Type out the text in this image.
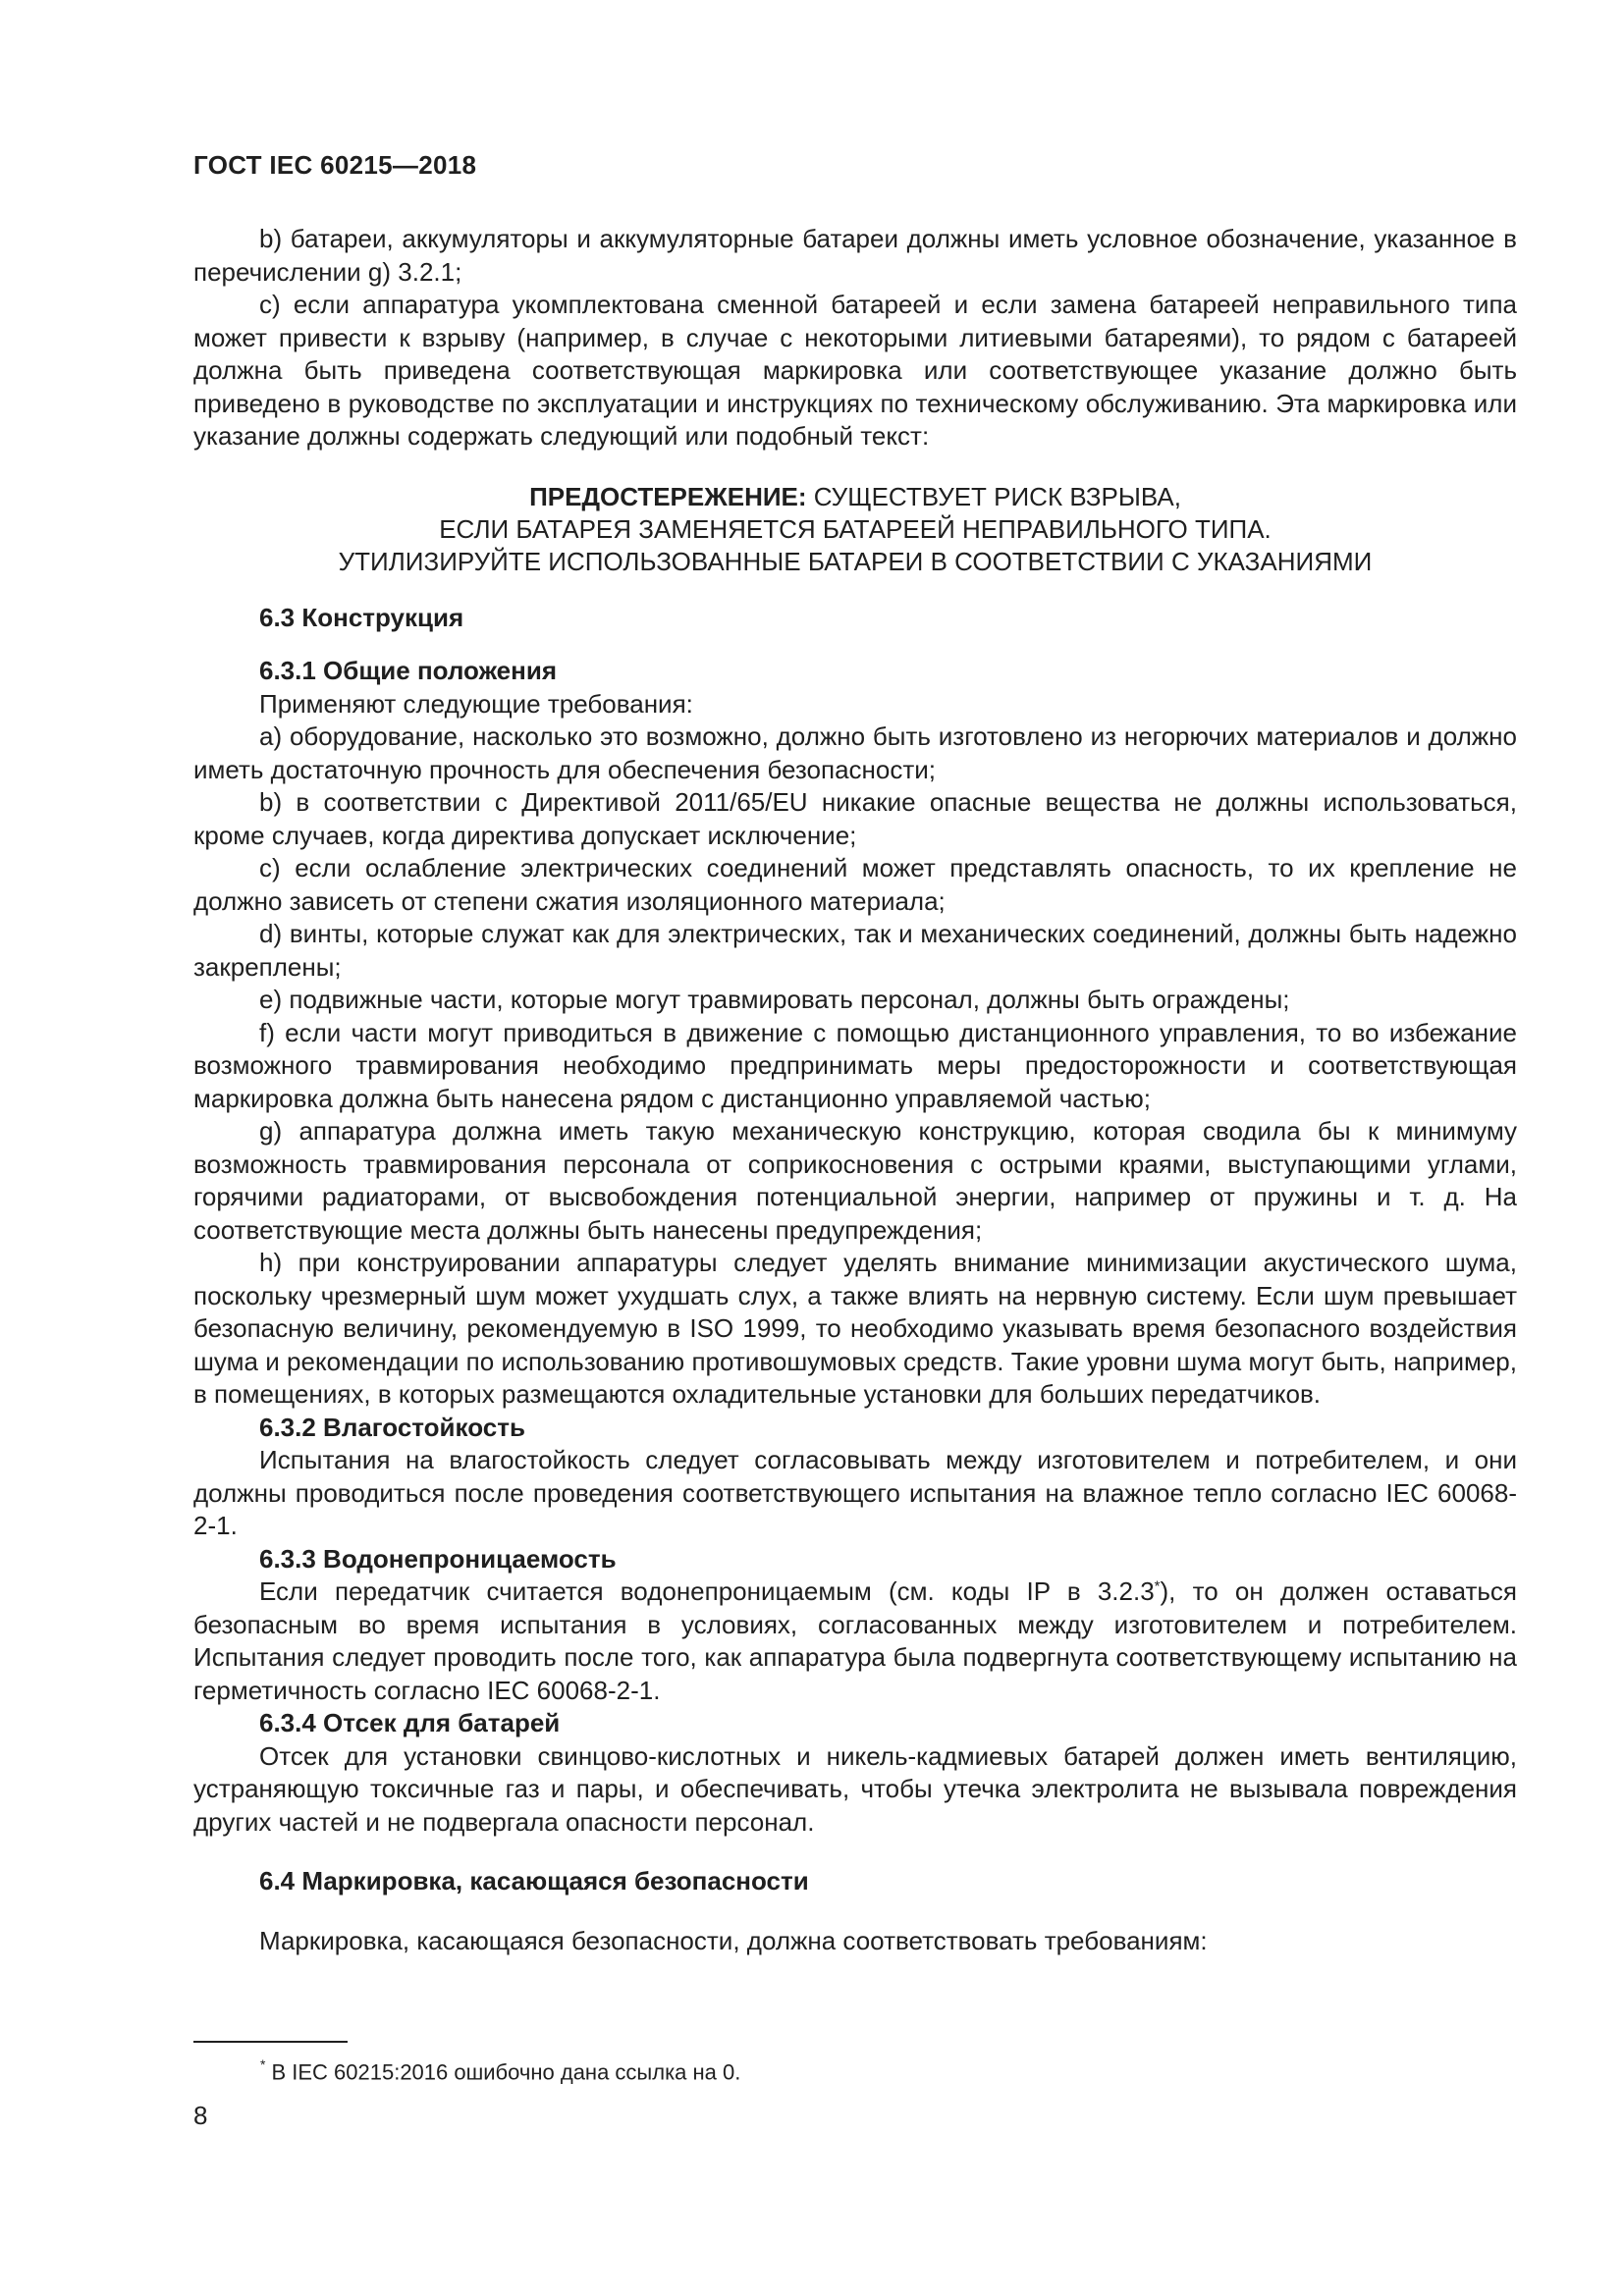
ГОСТ IEC 60215—2018

b) батареи, аккумуляторы и аккумуляторные батареи должны иметь условное обозначение, указанное в перечислении g) 3.2.1;

с) если аппаратура укомплектована сменной батареей и если замена батареей неправильного типа может привести к взрыву (например, в случае с некоторыми литиевыми батареями), то рядом с батареей должна быть приведена соответствующая маркировка или соответствующее указание должно быть приведено в руководстве по эксплуатации и инструкциях по техническому обслуживанию. Эта маркировка или указание должны содержать следующий или подобный текст:

ПРЕДОСТЕРЕЖЕНИЕ: СУЩЕСТВУЕТ РИСК ВЗРЫВА,
ЕСЛИ БАТАРЕЯ ЗАМЕНЯЕТСЯ БАТАРЕЕЙ НЕПРАВИЛЬНОГО ТИПА.
УТИЛИЗИРУЙТЕ ИСПОЛЬЗОВАННЫЕ БАТАРЕИ В СООТВЕТСТВИИ С УКАЗАНИЯМИ
6.3 Конструкция
6.3.1 Общие положения

Применяют следующие требования:

а) оборудование, насколько это возможно, должно быть изготовлено из негорючих материалов и должно иметь достаточную прочность для обеспечения безопасности;

b) в соответствии с Директивой 2011/65/EU никакие опасные вещества не должны использоваться, кроме случаев, когда директива допускает исключение;

с) если ослабление электрических соединений может представлять опасность, то их крепление не должно зависеть от степени сжатия изоляционного материала;

d) винты, которые служат как для электрических, так и механических соединений, должны быть надежно закреплены;

е) подвижные части, которые могут травмировать персонал, должны быть ограждены;

f) если части могут приводиться в движение с помощью дистанционного управления, то во избежание возможного травмирования необходимо предпринимать меры предосторожности и соответствующая маркировка должна быть нанесена рядом с дистанционно управляемой частью;

g) аппаратура должна иметь такую механическую конструкцию, которая сводила бы к минимуму возможность травмирования персонала от соприкосновения с острыми краями, выступающими углами, горячими радиаторами, от высвобождения потенциальной энергии, например от пружины и т. д. На соответствующие места должны быть нанесены предупреждения;

h) при конструировании аппаратуры следует уделять внимание минимизации акустического шума, поскольку чрезмерный шум может ухудшать слух, а также влиять на нервную систему. Если шум превышает безопасную величину, рекомендуемую в ISO 1999, то необходимо указывать время безопасного воздействия шума и рекомендации по использованию противошумовых средств. Такие уровни шума могут быть, например, в помещениях, в которых размещаются охладительные установки для больших передатчиков.

6.3.2 Влагостойкость

Испытания на влагостойкость следует согласовывать между изготовителем и потребителем, и они должны проводиться после проведения соответствующего испытания на влажное тепло согласно IEC 60068-2-1.

6.3.3 Водонепроницаемость

Если передатчик считается водонепроницаемым (см. коды IP в 3.2.3*), то он должен оставаться безопасным во время испытания в условиях, согласованных между изготовителем и потребителем. Испытания следует проводить после того, как аппаратура была подвергнута соответствующему испытанию на герметичность согласно IEC 60068-2-1.

6.3.4 Отсек для батарей

Отсек для установки свинцово-кислотных и никель-кадмиевых батарей должен иметь вентиляцию, устраняющую токсичные газ и пары, и обеспечивать, чтобы утечка электролита не вызывала повреждения других частей и не подвергала опасности персонал.

6.4 Маркировка, касающаяся безопасности

Маркировка, касающаяся безопасности, должна соответствовать требованиям:

* В IEC 60215:2016 ошибочно дана ссылка на 0.
8
